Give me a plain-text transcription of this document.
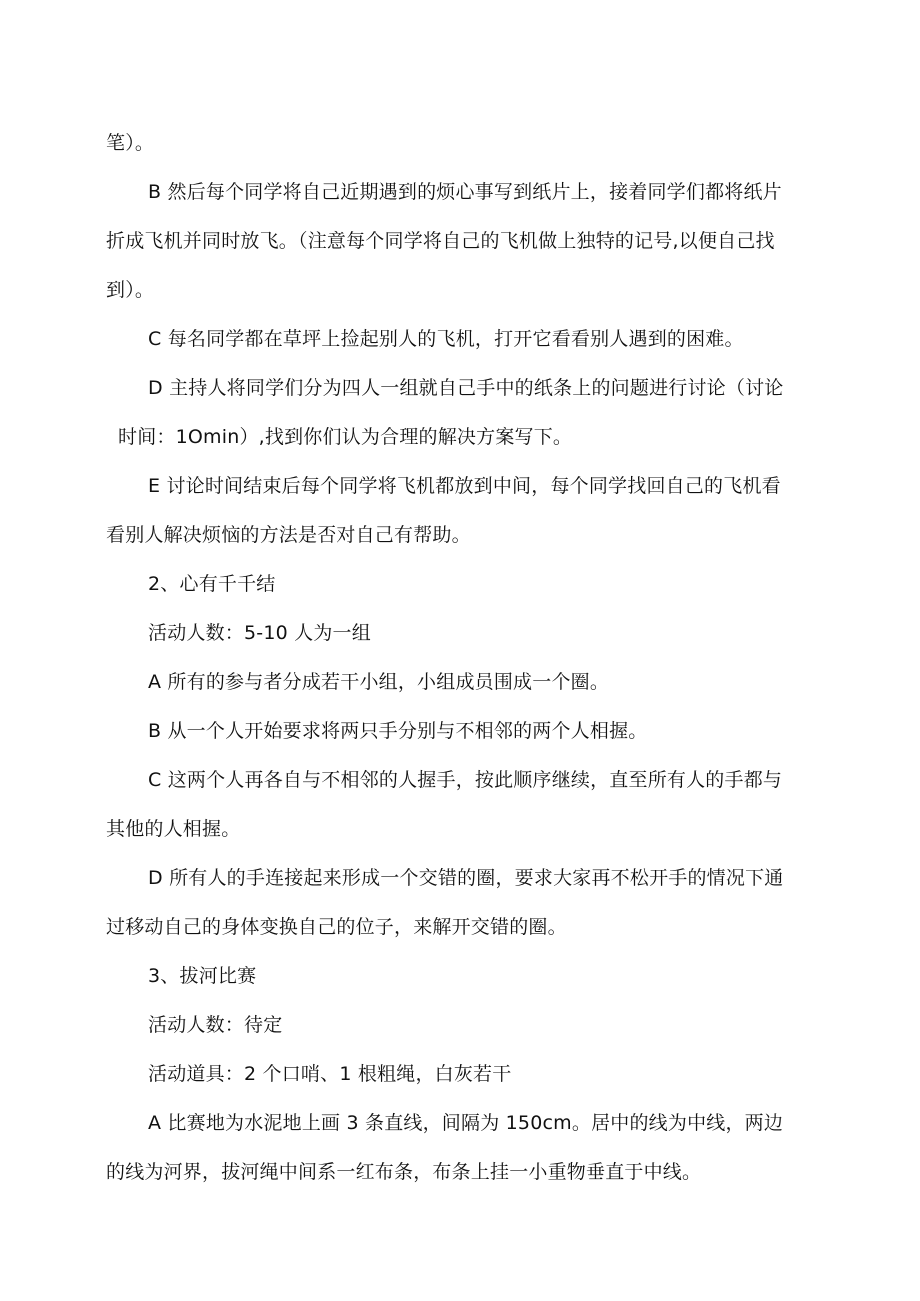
笔）。
B 然后每个同学将自己近期遇到的烦心事写到纸片上，接着同学们都将纸片
折成飞机并同时放飞。（注意每个同学将自己的飞机做上独特的记号,以便自己找
到）。
C 每名同学都在草坪上捡起别人的飞机，打开它看看别人遇到的困难。
D 主持人将同学们分为四人一组就自己手中的纸条上的问题进行讨论（讨论
时间：1Omin）,找到你们认为合理的解决方案写下。
E 讨论时间结束后每个同学将飞机都放到中间，每个同学找回自己的飞机看
看别人解决烦恼的方法是否对自己有帮助。
2、心有千千结
活动人数：5-10 人为一组
A 所有的参与者分成若干小组，小组成员围成一个圈。
B 从一个人开始要求将两只手分别与不相邻的两个人相握。
C 这两个人再各自与不相邻的人握手，按此顺序继续，直至所有人的手都与
其他的人相握。
D 所有人的手连接起来形成一个交错的圈，要求大家再不松开手的情况下通
过移动自己的身体变换自己的位子，来解开交错的圈。
3、拔河比赛
活动人数：待定
活动道具：2 个口哨、1 根粗绳，白灰若干
A 比赛地为水泥地上画 3 条直线，间隔为 150cm。居中的线为中线，两边
的线为河界，拔河绳中间系一红布条，布条上挂一小重物垂直于中线。
